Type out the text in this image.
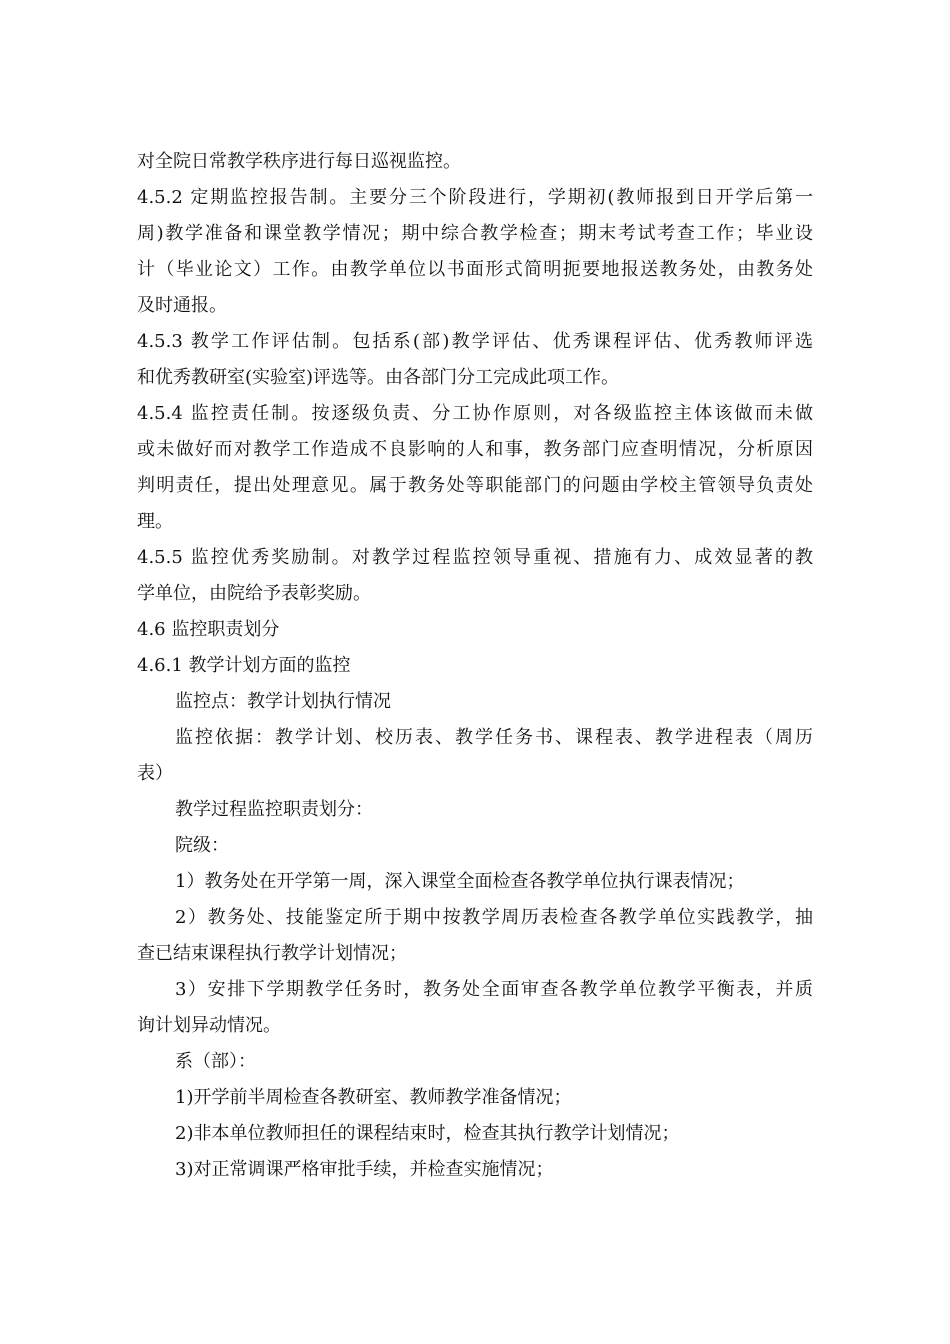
对全院日常教学秩序进行每日巡视监控。
4.5.2 定期监控报告制。主要分三个阶段进行，学期初(教师报到日开学后第一
周)教学准备和课堂教学情况；期中综合教学检查；期末考试考查工作；毕业设
计（毕业论文）工作。由教学单位以书面形式简明扼要地报送教务处，由教务处
及时通报。
4.5.3 教学工作评估制。包括系(部)教学评估、优秀课程评估、优秀教师评选
和优秀教研室(实验室)评选等。由各部门分工完成此项工作。
4.5.4 监控责任制。按逐级负责、分工协作原则，对各级监控主体该做而未做
或未做好而对教学工作造成不良影响的人和事，教务部门应查明情况，分析原因
判明责任，提出处理意见。属于教务处等职能部门的问题由学校主管领导负责处
理。
4.5.5 监控优秀奖励制。对教学过程监控领导重视、措施有力、成效显著的教
学单位，由院给予表彰奖励。
4.6 监控职责划分
4.6.1 教学计划方面的监控
监控点：教学计划执行情况
监控依据：教学计划、校历表、教学任务书、课程表、教学进程表（周历
表）
教学过程监控职责划分：
院级：
1）教务处在开学第一周，深入课堂全面检查各教学单位执行课表情况；
2）教务处、技能鉴定所于期中按教学周历表检查各教学单位实践教学，抽
查已结束课程执行教学计划情况；
3）安排下学期教学任务时，教务处全面审查各教学单位教学平衡表，并质
询计划异动情况。
系（部）：
1)开学前半周检查各教研室、教师教学准备情况；
2)非本单位教师担任的课程结束时，检查其执行教学计划情况；
3)对正常调课严格审批手续，并检查实施情况；
